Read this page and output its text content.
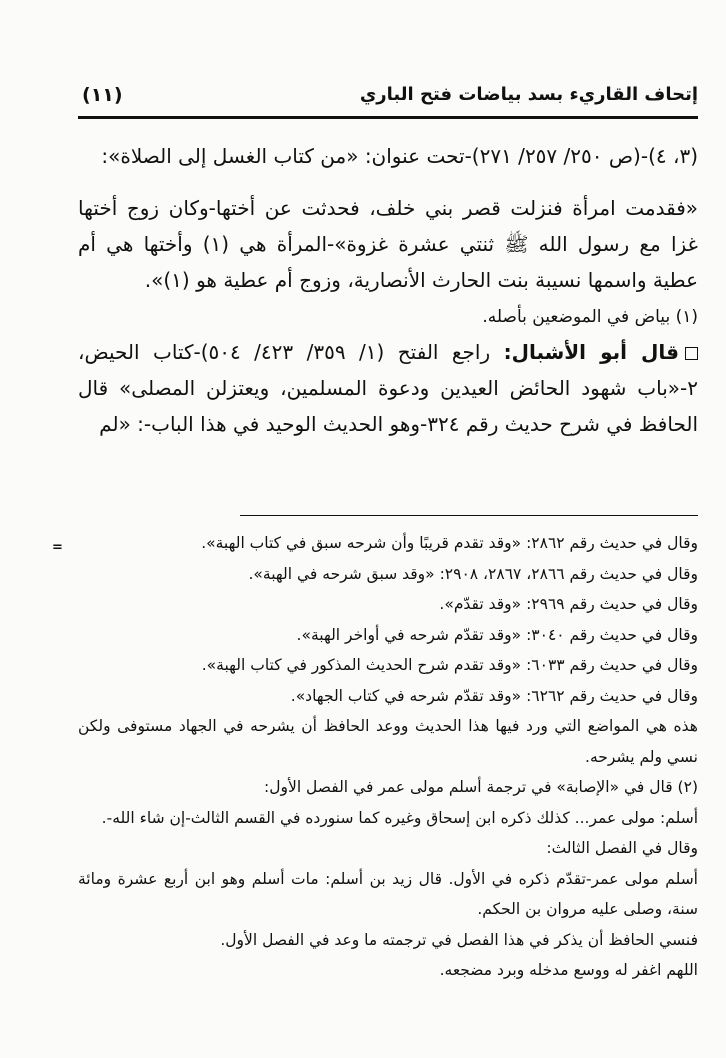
إتحاف القاريء بسد بياضات فتح الباري
(١١)

(٣، ٤)-(ص ٢٥٠/ ٢٥٧/ ٢٧١)-تحت عنوان: «من كتاب الغسل إلى الصلاة»:

«فقدمت امرأة فنزلت قصر بني خلف، فحدثت عن أختها-وكان زوج أختها غزا مع رسول الله ﷺ ثنتي عشرة غزوة»-المرأة هي (١) وأختها هي أم عطية واسمها نسيبة بنت الحارث الأنصارية، وزوج أم عطية هو (١)».

(١) بياض في الموضعين بأصله.

قال أبو الأشبال: راجع الفتح (١/ ٣٥٩/ ٤٢٣/ ٥٠٤)-كتاب الحيض، ٢-«باب شهود الحائض العيدين ودعوة المسلمين، ويعتزلن المصلى» قال الحافظ في شرح حديث رقم ٣٢٤-وهو الحديث الوحيد في هذا الباب-: «لم

=	وقال في حديث رقم ٢٨٦٢: «وقد تقدم قريبًا وأن شرحه سبق في كتاب الهبة».

وقال في حديث رقم ٢٨٦٦، ٢٨٦٧، ٢٩٠٨: «وقد سبق شرحه في الهبة».

وقال في حديث رقم ٢٩٦٩: «وقد تقدّم».

وقال في حديث رقم ٣٠٤٠: «وقد تقدّم شرحه في أواخر الهبة».

وقال في حديث رقم ٦٠٣٣: «وقد تقدم شرح الحديث المذكور في كتاب الهبة».

وقال في حديث رقم ٦٢٦٢: «وقد تقدّم شرحه في كتاب الجهاد».

هذه هي المواضع التي ورد فيها هذا الحديث ووعد الحافظ أن يشرحه في الجهاد مستوفى ولكن نسي ولم يشرحه.

(٢) قال في «الإصابة» في ترجمة أسلم مولى عمر في الفصل الأول:

أسلم: مولى عمر... كذلك ذكره ابن إسحاق وغيره كما سنورده في القسم الثالث-إن شاء الله-.

وقال في الفصل الثالث:

أسلم مولى عمر-تقدّم ذكره في الأول. قال زيد بن أسلم: مات أسلم وهو ابن أربع عشرة ومائة سنة، وصلى عليه مروان بن الحكم.

فنسي الحافظ أن يذكر في هذا الفصل في ترجمته ما وعد في الفصل الأول.

اللهم اغفر له ووسع مدخله وبرد مضجعه.
